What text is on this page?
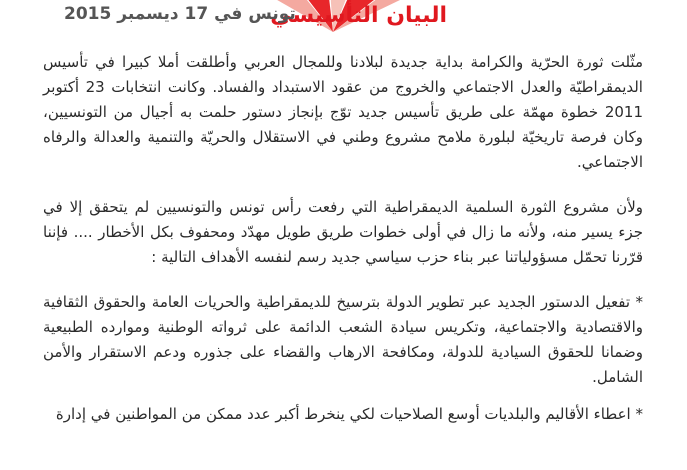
البيان التأسيسي
تونس في 17 ديسمبر 2015

مثّلت ثورة الحرّية والكرامة بداية جديدة لبلادنا وللمجال العربي وأطلقت أملا كبيرا في تأسيس الديمقراطيّة والعدل الاجتماعي والخروج من عقود الاستبداد والفساد. وكانت انتخابات 23 أكتوبر 2011 خطوة مهمّة على طريق تأسيس جديد توّج بإنجاز دستور حلمت به أجيال من التونسيين، وكان فرصة تاريخيّة لبلورة ملامح مشروع وطني في الاستقلال والحريّة والتنمية والعدالة والرفاه الاجتماعي.

ولأن مشروع الثورة السلمية الديمقراطية التي رفعت رأس تونس والتونسيين لم يتحقق إلا في جزء يسير منه، ولأنه ما زال في أولى خطوات طريق طويل مهدّد ومحفوف بكل الأخطار .... فإننا قرّرنا تحمّل مسؤولياتنا عبر بناء حزب سياسي جديد رسم لنفسه الأهداف التالية :

* تفعيل الدستور الجديد عبر تطوير الدولة بترسيخ للديمقراطية والحريات العامة والحقوق الثقافية والاقتصادية والاجتماعية، وتكريس سيادة الشعب الدائمة على ثرواته الوطنية وموارده الطبيعية وضمانا للحقوق السيادية للدولة، ومكافحة الارهاب والقضاء على جذوره ودعم الاستقرار والأمن الشامل.

* اعطاء الأقاليم والبلديات أوسع الصلاحيات لكي ينخرط أكبر عدد ممكن من المواطنين في إدارة
